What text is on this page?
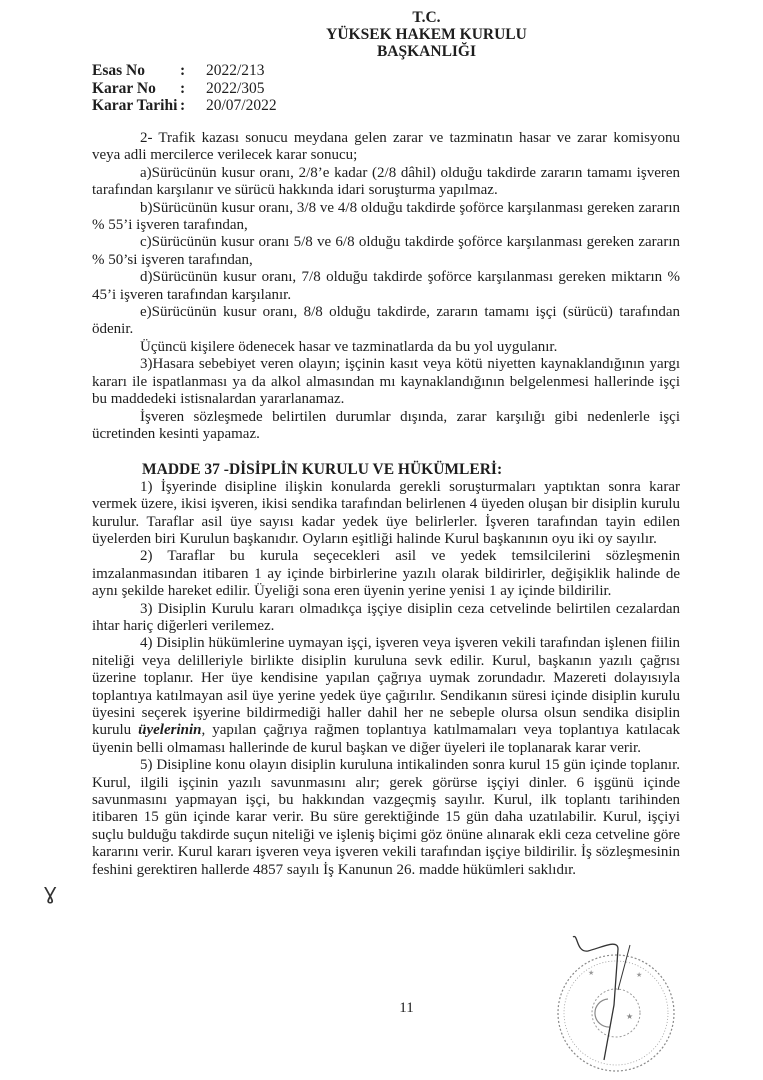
T.C.
YÜKSEK HAKEM KURULU
BAŞKANLIĞI
Esas No	:	2022/213
Karar No	:	2022/305
Karar Tarihi :	20/07/2022

2- Trafik kazası sonucu meydana gelen zarar ve tazminatın hasar ve zarar komisyonu veya adli mercilerce verilecek karar sonucu;

a)Sürücünün kusur oranı, 2/8’e kadar (2/8 dâhil) olduğu takdirde zararın tamamı işveren tarafından karşılanır ve sürücü hakkında idari soruşturma yapılmaz.

b)Sürücünün kusur oranı, 3/8 ve 4/8 olduğu takdirde şoförce karşılanması gereken zararın % 55’i işveren tarafından,

c)Sürücünün kusur oranı 5/8 ve 6/8 olduğu takdirde şoförce karşılanması gereken zararın % 50’si işveren tarafından,

d)Sürücünün kusur oranı, 7/8 olduğu takdirde şoförce karşılanması gereken miktarın % 45’i işveren tarafından karşılanır.

e)Sürücünün kusur oranı, 8/8 olduğu takdirde, zararın tamamı işçi (sürücü) tarafından ödenir.

Üçüncü kişilere ödenecek hasar ve tazminatlarda da bu yol uygulanır.

3)Hasara sebebiyet veren olayın; işçinin kasıt veya kötü niyetten kaynaklandığının yargı kararı ile ispatlanması ya da alkol almasından mı kaynaklandığının belgelenmesi hallerinde işçi bu maddedeki istisnalardan yararlanamaz.

İşveren sözleşmede belirtilen durumlar dışında, zarar karşılığı gibi nedenlerle işçi ücretinden kesinti yapamaz.

MADDE 37 -DİSİPLİN KURULU VE HÜKÜMLERİ:

1) İşyerinde disipline ilişkin konularda gerekli soruşturmaları yaptıktan sonra karar vermek üzere, ikisi işveren, ikisi sendika tarafından belirlenen 4 üyeden oluşan bir disiplin kurulu kurulur. Taraflar asil üye sayısı kadar yedek üye belirlerler. İşveren tarafından tayin edilen üyelerden biri Kurulun başkanıdır. Oyların eşitliği halinde Kurul başkanının oyu iki oy sayılır.

2) Taraflar bu kurula seçecekleri asil ve yedek temsilcilerini sözleşmenin imzalanmasından itibaren 1 ay içinde birbirlerine yazılı olarak bildirirler, değişiklik halinde de aynı şekilde hareket edilir. Üyeliği sona eren üyenin yerine yenisi 1 ay içinde bildirilir.

3) Disiplin Kurulu kararı olmadıkça işçiye disiplin ceza cetvelinde belirtilen cezalardan ihtar hariç diğerleri verilemez.

4) Disiplin hükümlerine uymayan işçi, işveren veya işveren vekili tarafından işlenen fiilin niteliği veya delilleriyle birlikte disiplin kuruluna sevk edilir. Kurul, başkanın yazılı çağrısı üzerine toplanır. Her üye kendisine yapılan çağrıya uymak zorundadır. Mazereti dolayısıyla toplantıya katılmayan asil üye yerine yedek üye çağırılır. Sendikanın süresi içinde disiplin kurulu üyesini seçerek işyerine bildirmediği haller dahil her ne sebeple olursa olsun sendika disiplin kurulu üyelerinin, yapılan çağrıya rağmen toplantıya katılmamaları veya toplantıya katılacak üyenin belli olmaması hallerinde de kurul başkan ve diğer üyeleri ile toplanarak karar verir.

5) Disipline konu olayın disiplin kuruluna intikalinden sonra kurul 15 gün içinde toplanır. Kurul, ilgili işçinin yazılı savunmasını alır; gerek görürse işçiyi dinler. 6 işgünü içinde savunmasını yapmayan işçi, bu hakkından vazgeçmiş sayılır. Kurul, ilk toplantı tarihinden itibaren 15 gün içinde karar verir. Bu süre gerektiğinde 15 gün daha uzatılabilir. Kurul, işçiyi suçlu bulduğu takdirde suçun niteliği ve işleniş biçimi göz önüne alınarak ekli ceza cetveline göre kararını verir. Kurul kararı işveren veya işveren vekili tarafından işçiye bildirilir. İş sözleşmesinin feshini gerektiren hallerde 4857 sayılı İş Kanunun 26. madde hükümleri saklıdır.

Ɣ
★
★	★
11
